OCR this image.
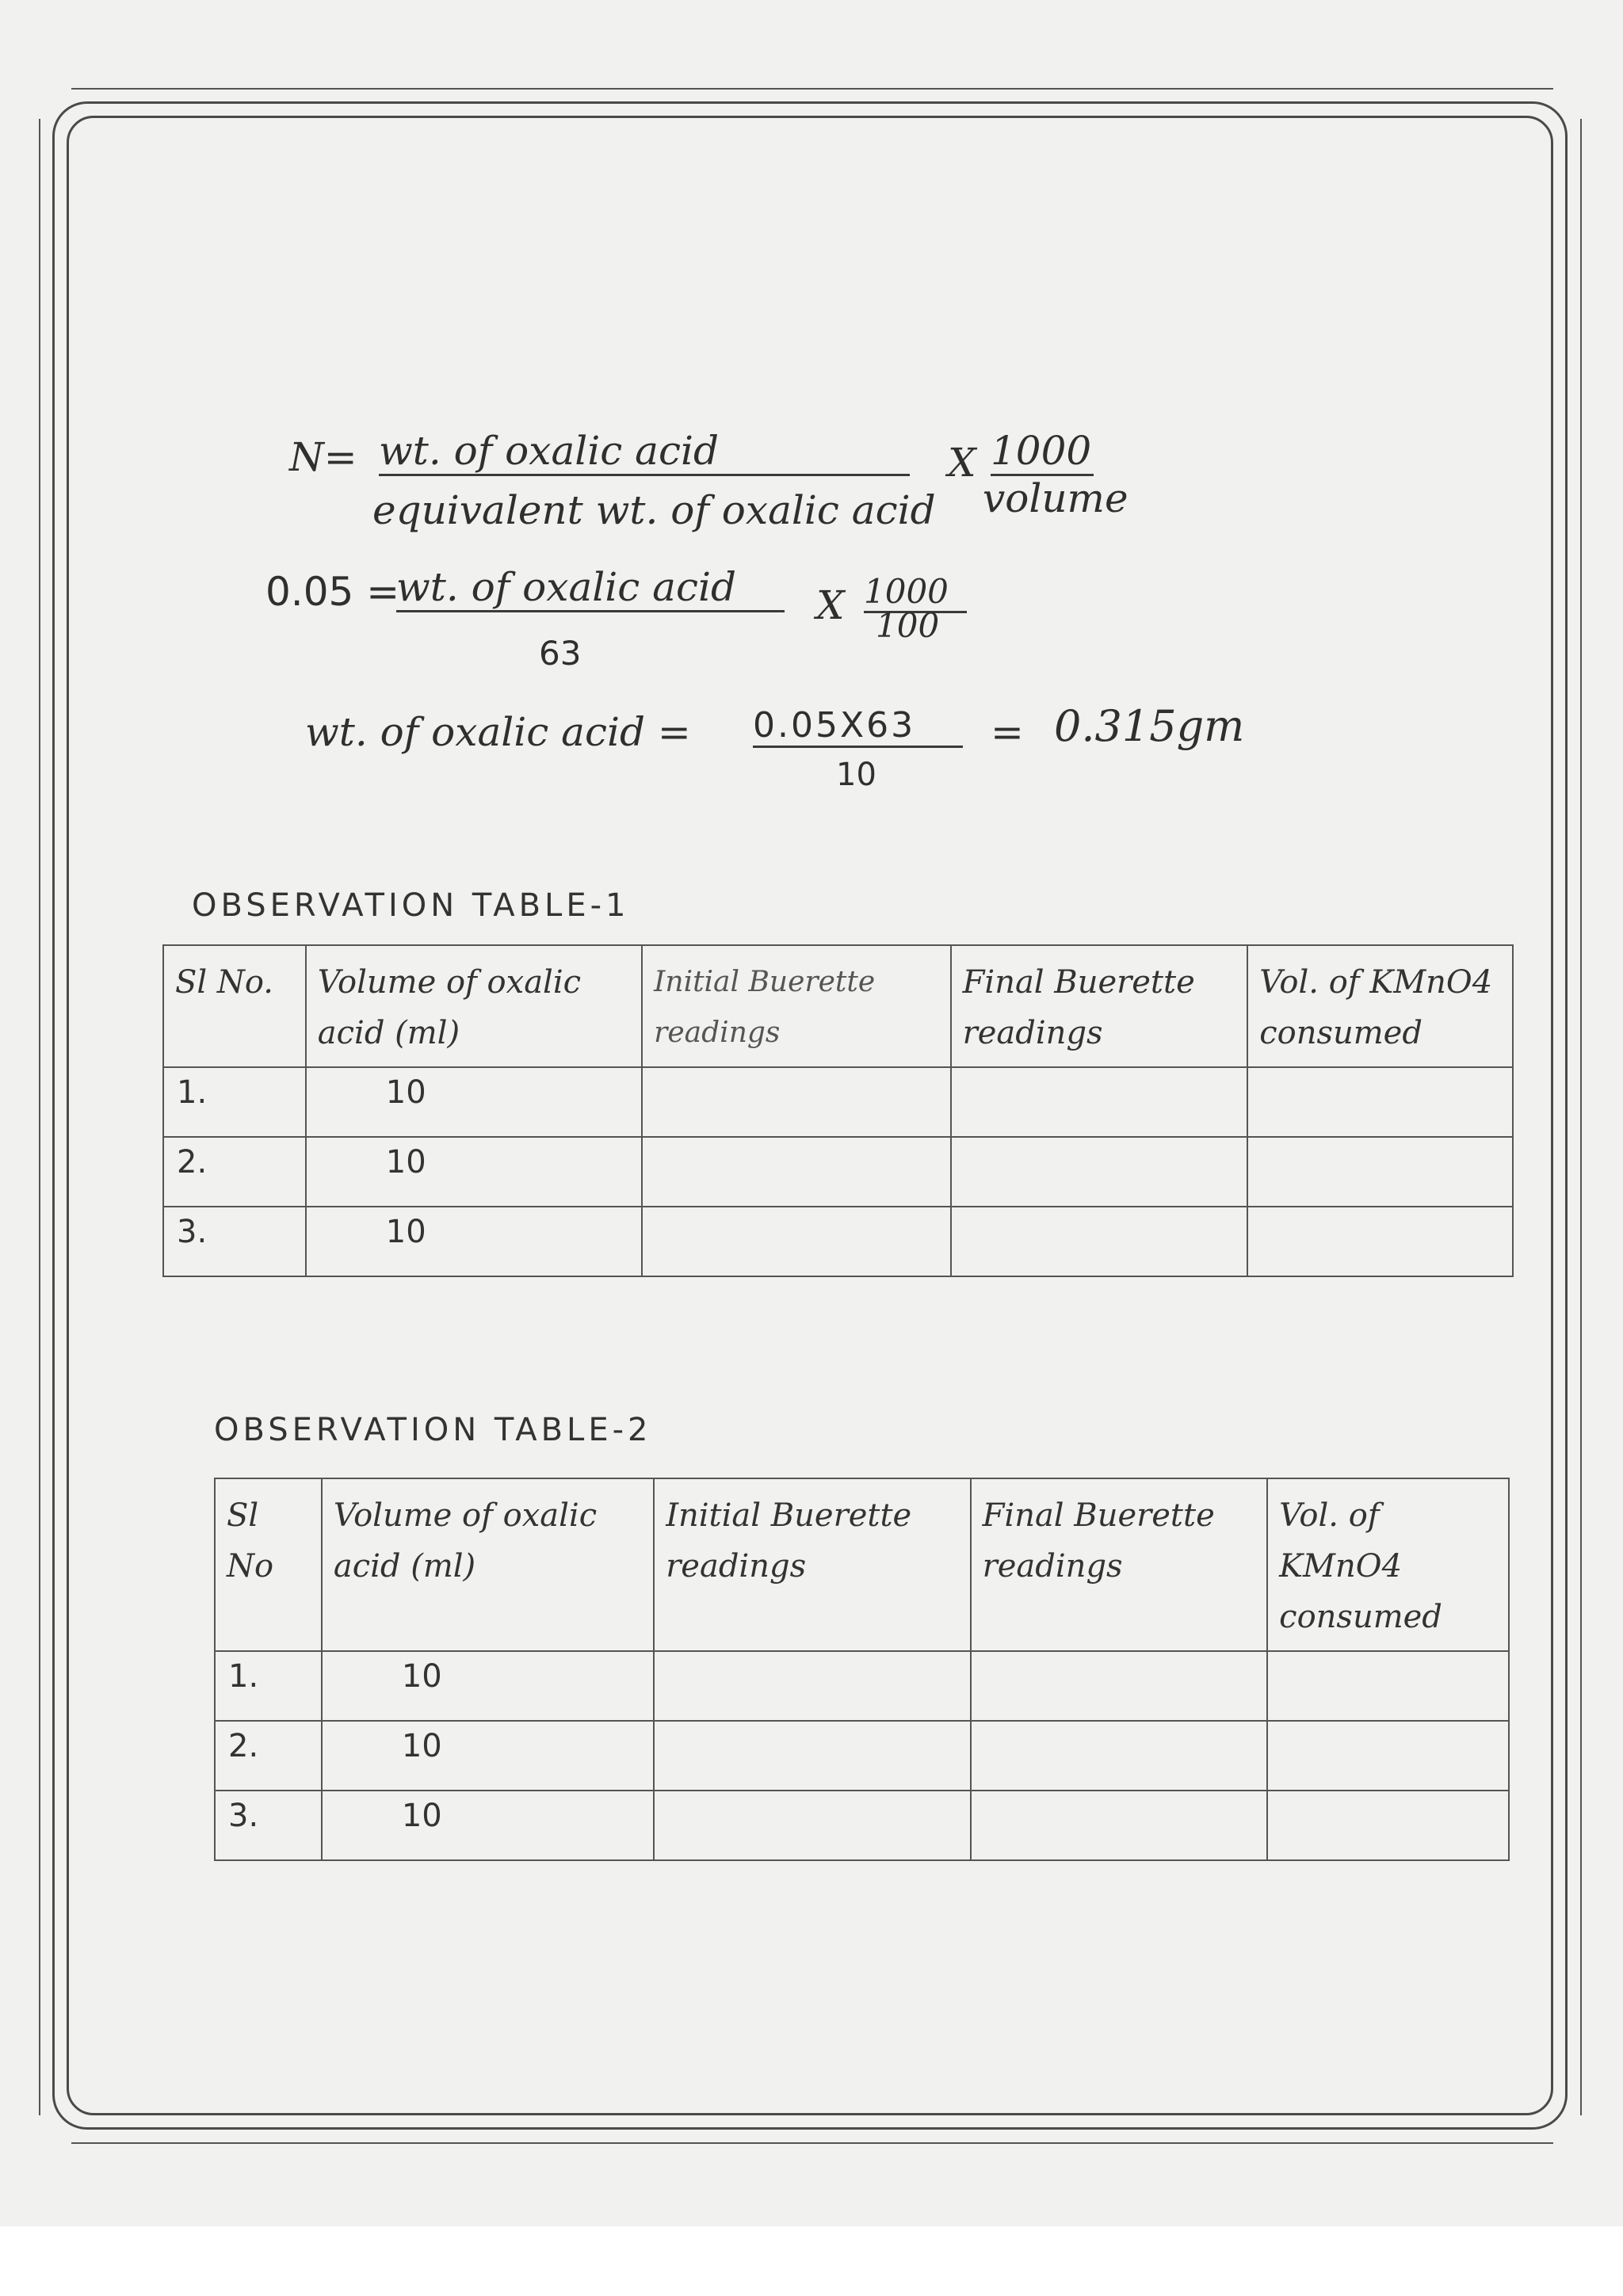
N= wt. of oxalic acid
equivalent wt. of oxalic acid
X 1000
volume
0.05 =
wt. of oxalic acid
63
X 1000
100
wt. of oxalic acid = 0.05X63
10
= 0.315gm
OBSERVATION TABLE-1
Sl No.	Volume of oxalic acid (ml)	Initial Buerette readings	Final Buerette readings	Vol. of KMnO4 consumed
1.	10			
2.	10			
3.	10			
OBSERVATION TABLE-2
Sl No	Volume of oxalic acid (ml)	Initial Buerette readings	Final Buerette readings	Vol. of KMnO4 consumed
1.	10			
2.	10			
3.	10			
